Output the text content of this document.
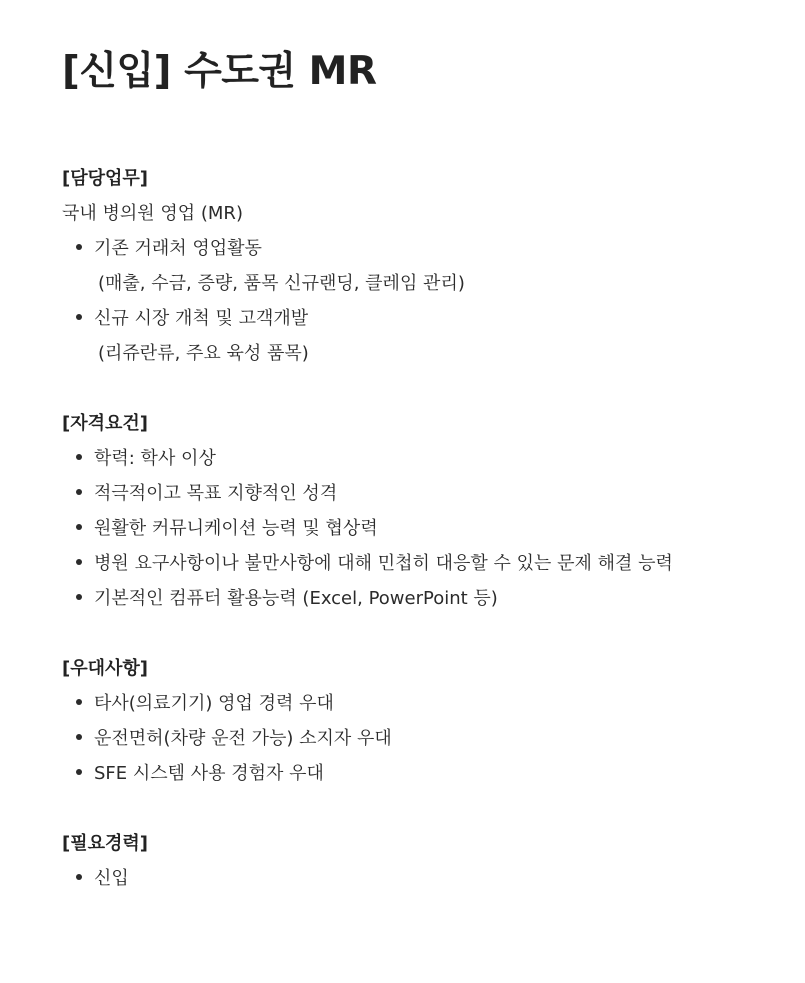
[신입] 수도권 MR
[담당업무]
국내 병의원 영업 (MR)
기존 거래처 영업활동
(매출, 수금, 증량, 품목 신규랜딩, 클레임 관리)
신규 시장 개척 및 고객개발
(리쥬란류, 주요 육성 품목)
[자격요건]
학력: 학사 이상
적극적이고 목표 지향적인 성격
원활한 커뮤니케이션 능력 및 협상력
병원 요구사항이나 불만사항에 대해 민첩히 대응할 수 있는 문제 해결 능력
기본적인 컴퓨터 활용능력 (Excel, PowerPoint 등)
[우대사항]
타사(의료기기) 영업 경력 우대
운전면허(차량 운전 가능) 소지자 우대
SFE 시스템 사용 경험자 우대
[필요경력]
신입
